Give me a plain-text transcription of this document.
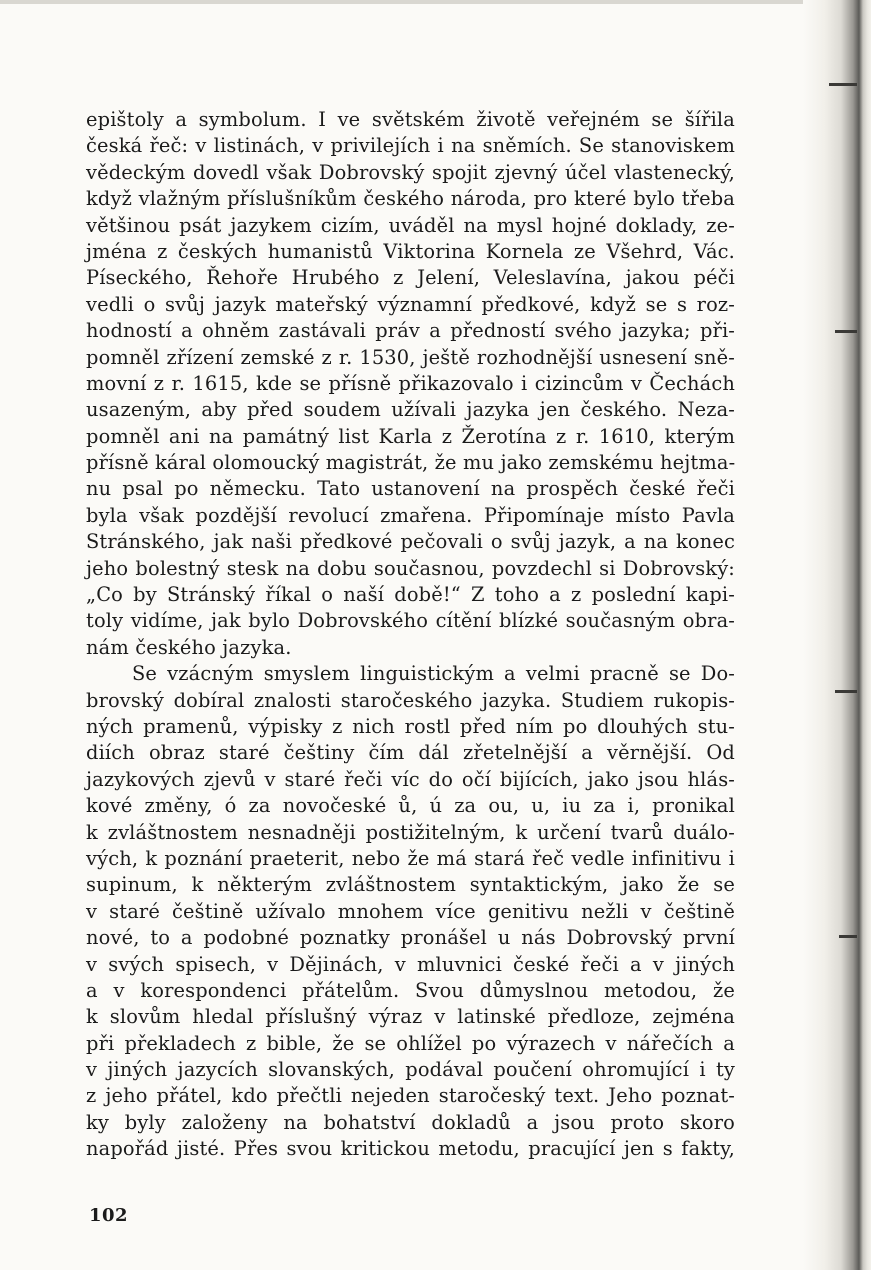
epištoly a symbolum. I ve světském životě veřejném se šířila
česká řeč: v listinách, v privilejích i na sněmích. Se stanoviskem
vědeckým dovedl však Dobrovský spojit zjevný účel vlastenecký,
když vlažným příslušníkům českého národa, pro které bylo třeba
většinou psát jazykem cizím, uváděl na mysl hojné doklady, ze-
jména z českých humanistů Viktorina Kornela ze Všehrd, Vác.
Píseckého, Řehoře Hrubého z Jelení, Veleslavína, jakou péči
vedli o svůj jazyk mateřský významní předkové, když se s roz-
hodností a ohněm zastávali práv a předností svého jazyka; při-
pomněl zřízení zemské z r. 1530, ještě rozhodnější usnesení sně-
movní z r. 1615, kde se přísně přikazovalo i cizincům v Čechách
usazeným, aby před soudem užívali jazyka jen českého. Neza-
pomněl ani na památný list Karla z Žerotína z r. 1610, kterým
přísně káral olomoucký magistrát, že mu jako zemskému hejtma-
nu psal po německu. Tato ustanovení na prospěch české řeči
byla však pozdější revolucí zmařena. Připomínaje místo Pavla
Stránského, jak naši předkové pečovali o svůj jazyk, a na konec
jeho bolestný stesk na dobu současnou, povzdechl si Dobrovský:
„Co by Stránský říkal o naší době!“ Z toho a z poslední kapi-
toly vidíme, jak bylo Dobrovského cítění blízké současným obra-
nám českého jazyka.
Se vzácným smyslem linguistickým a velmi pracně se Do-
brovský dobíral znalosti staročeského jazyka. Studiem rukopis-
ných pramenů, výpisky z nich rostl před ním po dlouhých stu-
diích obraz staré češtiny čím dál zřetelnější a věrnější. Od
jazykových zjevů v staré řeči víc do očí bijících, jako jsou hlás-
kové změny, ó za novočeské ů, ú za ou, u, iu za i, pronikal
k zvláštnostem nesnadněji postižitelným, k určení tvarů duálo-
vých, k poznání praeterit, nebo že má stará řeč vedle infinitivu i
supinum, k některým zvláštnostem syntaktickým, jako že se
v staré češtině užívalo mnohem více genitivu nežli v češtině
nové, to a podobné poznatky pronášel u nás Dobrovský první
v svých spisech, v Dějinách, v mluvnici české řeči a v jiných
a v korespondenci přátelům. Svou důmyslnou metodou, že
k slovům hledal příslušný výraz v latinské předloze, zejména
při překladech z bible, že se ohlížel po výrazech v nářečích a
v jiných jazycích slovanských, podával poučení ohromující i ty
z jeho přátel, kdo přečtli nejeden staročeský text. Jeho poznat-
ky byly založeny na bohatství dokladů a jsou proto skoro
napořád jisté. Přes svou kritickou metodu, pracující jen s fakty,
102
